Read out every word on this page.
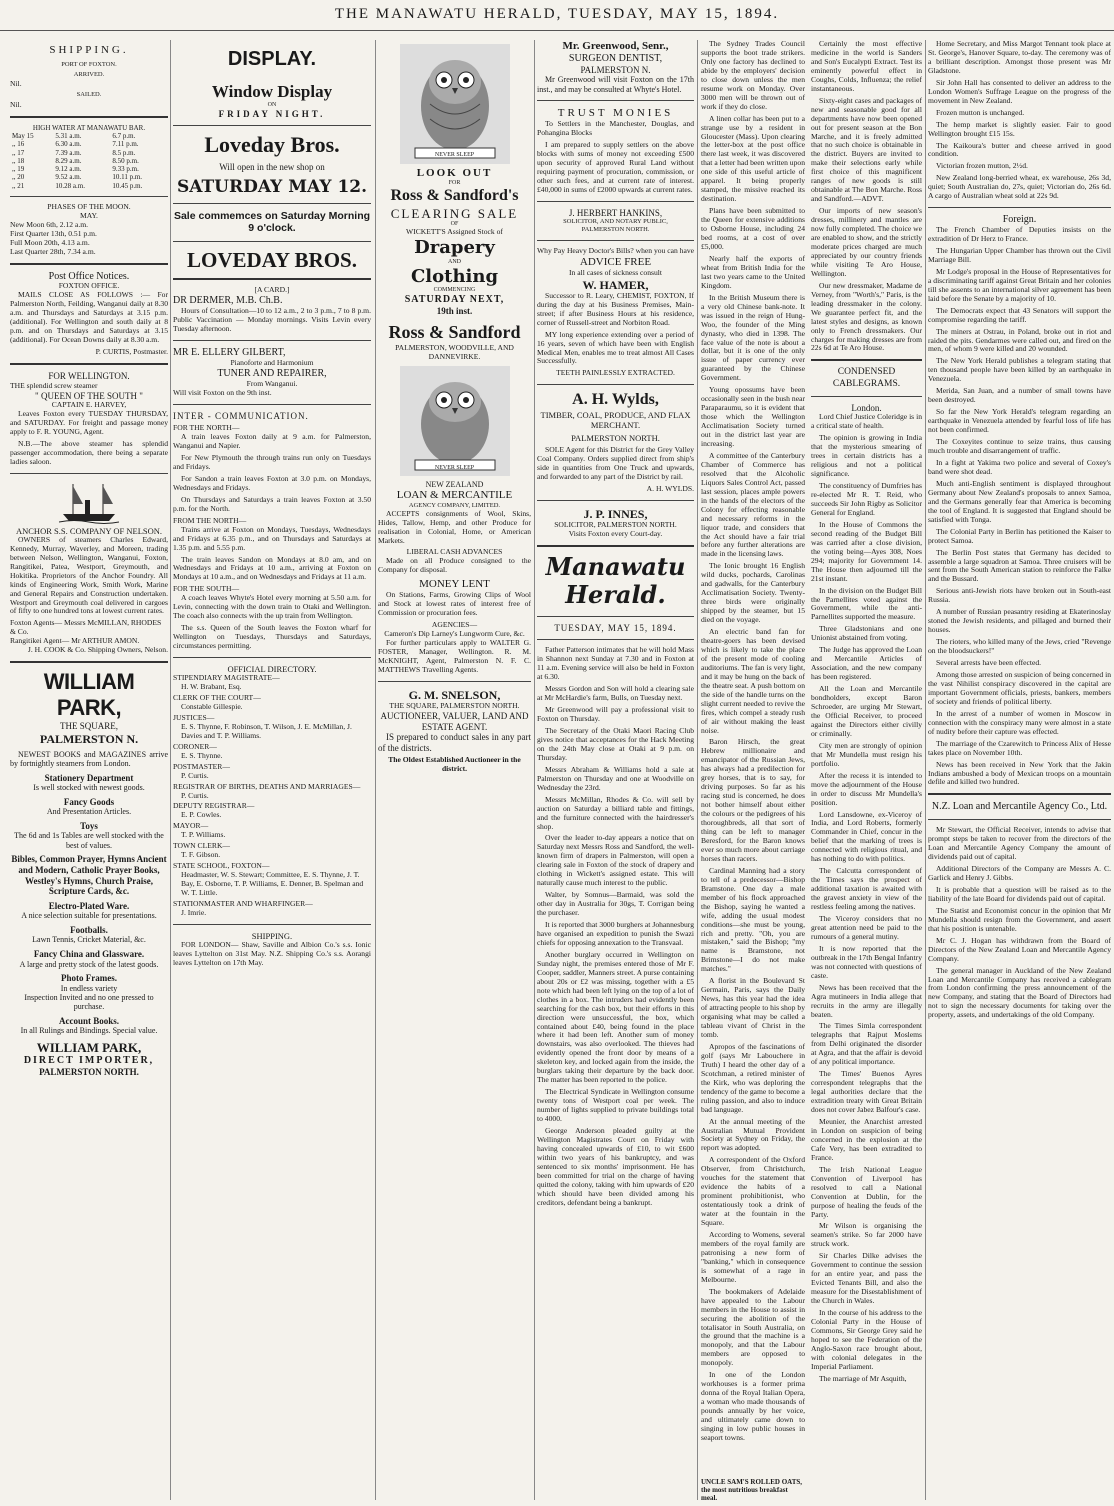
THE MANAWATU HERALD, TUESDAY, MAY 15, 1894.
SHIPPING.
PORT OF FOXTON.
ARRIVED.
Nil.
SAILED.
Nil.
HIGH WATER AT MANAWATU BAR.
May 15	5.31 a.m.	6.7 p.m.
,, 16	6.30 a.m.	7.11 p.m.
,, 17	7.39 a.m.	8.5 p.m.
,, 18	8.29 a.m.	8.50 p.m.
,, 19	9.12 a.m.	9.33 p.m.
,, 20	9.52 a.m.	10.11 p.m.
,, 21	10.28 a.m.	10.45 p.m.
PHASES OF THE MOON.
MAY.
New Moon 6th, 2.12 a.m.
First Quarter 13th, 0.51 p.m.
Full Moon 20th, 4.13 a.m.
Last Quarter 28th, 7.34 a.m.
Post Office Notices.
FOXTON OFFICE.
MAILS CLOSE AS FOLLOWS :— For Palmerston North, Feilding, Wanganui daily at 8.30 a.m. and Thursdays and Saturdays at 3.15 p.m. (additional). For Wellington and south daily at 8 p.m. and on Thursdays and Saturdays at 3.15 (additional). For Ocean Downs daily at 8.30 a.m.
P. CURTIS, Postmaster.
FOR WELLINGTON.
THE splendid screw steamer
" QUEEN OF THE SOUTH "
CAPTAIN E. HARVEY,
Leaves Foxton every TUESDAY THURSDAY, and SATURDAY. For freight and passage money apply to F. R. YOUNG, Agent.
N.B.—The above steamer has splendid passenger accommodation, there being a separate ladies saloon.
ANCHOR S.S. COMPANY OF NELSON.
OWNERS of steamers Charles Edward, Kennedy, Murray, Waverley, and Moreen, trading between Nelson, Wellington, Wanganui, Foxton, Rangitikei, Patea, Westport, Greymouth, and Hokitika. Proprietors of the Anchor Foundry. All kinds of Engineering Work, Smith Work, Marine and General Repairs and Construction undertaken. Westport and Greymouth coal delivered in cargoes of fifty to one hundred tons at lowest current rates.
Foxton Agents— Messrs McMILLAN, RHODES & Co.
Rangitikei Agent— Mr ARTHUR AMON.
J. H. COOK & Co. Shipping Owners, Nelson.
WILLIAM PARK,
THE SQUARE,
PALMERSTON N.
NEWEST BOOKS and MAGAZINES arrive by fortnightly steamers from London.
Stationery Department
Is well stocked with newest goods.
Fancy Goods
And Presentation Articles.
Toys
The 6d and 1s Tables are well stocked with the best of values.
Bibles, Common Prayer, Hymns Ancient and Modern, Catholic Prayer Books, Westley's Hymns, Church Praise, Scripture Cards, &c.
Electro-Plated Ware.
A nice selection suitable for presentations.
Footballs.
Lawn Tennis, Cricket Material, &c.
Fancy China and Glassware.
A large and pretty stock of the latest goods.
Photo Frames.
In endless variety
Inspection Invited and no one pressed to purchase.
Account Books.
In all Rulings and Bindings. Special value.
WILLIAM PARK,
DIRECT IMPORTER,
PALMERSTON NORTH.
DISPLAY.
Window Display
ON
FRIDAY NIGHT.
Loveday Bros.
Will open in the new shop on
SATURDAY MAY 12.
Sale commemces on Saturday Morning 9 o'clock.
LOVEDAY BROS.
[A CARD.]
DR DERMER, M.B. Ch.B.
Hours of Consultation—10 to 12 a.m., 2 to 3 p.m., 7 to 8 p.m. Public Vaccination — Monday mornings. Visits Levin every Tuesday afternoon.
MR E. ELLERY GILBERT,
Pianoforte and Harmonium
TUNER AND REPAIRER,
From Wanganui.
Will visit Foxton on the 9th inst.
INTER - COMMUNICATION.
FOR THE NORTH—
A train leaves Foxton daily at 9 a.m. for Palmerston, Wanganui and Napier.
For New Plymouth the through trains run only on Tuesdays and Fridays.
For Sandon a train leaves Foxton at 3.0 p.m. on Mondays, Wednesdays and Fridays.
On Thursdays and Saturdays a train leaves Foxton at 3.50 p.m. for the North.
FROM THE NORTH—
Trains arrive at Foxton on Mondays, Tuesdays, Wednesdays and Fridays at 6.35 p.m., and on Thursdays and Saturdays at 1.35 p.m. and 5.55 p.m.
The train leaves Sandon on Mondays at 8.0 am, and on Wednesdays and Fridays at 10 a.m., arriving at Foxton on Mondays at 10 a.m., and on Wednesdays and Fridays at 11 a.m.
FOR THE SOUTH—
A coach leaves Whyte's Hotel every morning at 5.50 a.m. for Levin, connecting with the down train to Otaki and Wellington. The coach also connects with the up train from Wellington.
The s.s. Queen of the South leaves the Foxton wharf for Wellington on Tuesdays, Thursdays and Saturdays, circumstances permitting.
OFFICIAL DIRECTORY.
STIPENDIARY MAGISTRATE—
H. W. Brabant, Esq.
CLERK OF THE COURT—
Constable Gillespie.
JUSTICES—
E. S. Thynne, F. Robinson, T. Wilson, J. E. McMillan, J. Davies and T. P. Williams.
CORONER—
E. S. Thynne.
POSTMASTER—
P. Curtis.
REGISTRAR OF BIRTHS, DEATHS AND MARRIAGES—
P. Curtis.
DEPUTY REGISTRAR—
E. P. Cowles.
MAYOR—
T. P. Williams.
TOWN CLERK—
T. F. Gibson.
STATE SCHOOL, FOXTON—
Headmaster, W. S. Stewart; Committee, E. S. Thynne, J. T. Bay, E. Osborne, T. P. Williams, E. Denner, B. Spelman and W. T. Little.
STATIONMASTER AND WHARFINGER—
J. Imrie.
SHIPPING.
FOR LONDON— Shaw, Saville and Albion Co.'s s.s. Ionic leaves Lyttelton on 31st May. N.Z. Shipping Co.'s s.s. Aorangi leaves Lyttelton on 17th May.
NEVER SLEEP
LOOK OUT
FOR
Ross & Sandford's
CLEARING SALE
OF
WICKETT'S Assigned Stock of
Drapery
AND
Clothing
COMMENCING
SATURDAY NEXT,
19th inst.
Ross & Sandford
PALMERSTON, WOODVILLE, AND DANNEVIRKE.
NEVER SLEEP
NEW ZEALAND
LOAN & MERCANTILE
AGENCY COMPANY, LIMITED.
ACCEPTS consignments of Wool, Skins, Hides, Tallow, Hemp, and other Produce for realisation in Colonial, Home, or American Markets.
LIBERAL CASH ADVANCES
Made on all Produce consigned to the Company for disposal.
MONEY LENT
On Stations, Farms, Growing Clips of Wool and Stock at lowest rates of interest free of Commission or procuration fees.
AGENCIES—
Cameron's Dip Larney's Lungworm Cure, &c.
For further particulars apply to WALTER G. FOSTER, Manager, Wellington. R. M. McKNIGHT, Agent, Palmerston N. F. C. MATTHEWS Travelling Agents.
G. M. SNELSON,
THE SQUARE, PALMERSTON NORTH.
AUCTIONEER, VALUER, LAND AND ESTATE AGENT.
IS prepared to conduct sales in any part of the districts.
The Oldest Established Auctioneer in the district.
Mr. Greenwood, Senr.,
SURGEON DENTIST,
PALMERSTON N.
Mr Greenwood will visit Foxton on the 17th inst., and may be consulted at Whyte's Hotel.
TRUST MONIES
To Settlers in the Manchester, Douglas, and Pohangina Blocks
I am prepared to supply settlers on the above blocks with sums of money not exceeding £500 upon security of approved Rural Land without requiring payment of procuration, commission, or other such fees, and at current rate of interest. £40,000 in sums of £2000 upwards at current rates.
J. HERBERT HANKINS,
SOLICITOR, AND NOTARY PUBLIC,
PALMERSTON NORTH.
Why Pay Heavy Doctor's Bills? when you can have
ADVICE FREE
In all cases of sickness consult
W. HAMER,
Successor to R. Leary, CHEMIST, FOXTON, If during the day at his Business Premises, Main-street; if after Business Hours at his residence, corner of Russell-street and Norbiton Road.
MY long experience extending over a period of 16 years, seven of which have been with English Medical Men, enables me to treat almost All Cases Successfully.
TEETH PAINLESSLY EXTRACTED.
A. H. Wylds,
TIMBER, COAL, PRODUCE, AND FLAX MERCHANT.
PALMERSTON NORTH.
SOLE Agent for this District for the Grey Valley Coal Company. Orders supplied direct from ship's side in quantities from One Truck and upwards, and forwarded to any part of the District by rail.
A. H. WYLDS.
J. P. INNES,
SOLICITOR, PALMERSTON NORTH.
Visits Foxton every Court-day.
Manawatu Herald.
TUESDAY, MAY 15, 1894.
Father Patterson intimates that he will hold Mass in Shannon next Sunday at 7.30 and in Foxton at 11 a.m. Evening service will also be held in Foxton at 6.30.
Messrs Gordon and Son will hold a clearing sale at Mr McHardie's farm, Bulls, on Tuesday next.
Mr Greenwood will pay a professional visit to Foxton on Thursday.
The Secretary of the Otaki Maori Racing Club gives notice that acceptances for the Hack Meeting on the 24th May close at Otaki at 9 p.m. on Thursday.
Messrs Abraham & Williams hold a sale at Palmerston on Thursday and one at Woodville on Wednesday the 23rd.
Messrs McMillan, Rhodes & Co. will sell by auction on Saturday a billiard table and fittings, and the furniture connected with the hairdresser's shop.
Over the leader to-day appears a notice that on Saturday next Messrs Ross and Sandford, the well-known firm of drapers in Palmerston, will open a clearing sale in Foxton of the stock of drapery and clothing in Wickett's assigned estate. This will naturally cause much interest to the public.
Walter, by Somnus—Barmaid, was sold the other day in Australia for 30gs, T. Corrigan being the purchaser.
It is reported that 3000 burghers at Johannesburg have organised an expedition to punish the Swazi chiefs for opposing annexation to the Transvaal.
Another burglary occurred in Wellington on Sunday night, the premises entered those of Mr F. Cooper, saddler, Manners street. A purse containing about 20s or £2 was missing, together with a £5 note which had been left lying on the top of a lot of clothes in a box. The intruders had evidently been searching for the cash box, but their efforts in this direction were unsuccessful, the box, which contained about £40, being found in the place where it had been left. Another sum of money downstairs, was also overlooked. The thieves had evidently opened the front door by means of a skeleton key, and locked again from the inside, the burglars taking their departure by the back door. The matter has been reported to the police.
The Electrical Syndicate in Wellington consume twenty tons of Westport coal per week. The number of lights supplied to private buildings total to 4000.
George Anderson pleaded guilty at the Wellington Magistrates Court on Friday with having concealed upwards of £10, to wit £600 within two years of his bankruptcy, and was sentenced to six months' imprisonment. He has been committed for trial on the charge of having quitted the colony, taking with him upwards of £20 which should have been divided among his creditors, defendant being a bankrupt.
The Sydney Trades Council supports the boot trade strikers. Only one factory has declined to abide by the employers' decision to close down unless the men resume work on Monday. Over 3000 men will be thrown out of work if they do close.
A linen collar has been put to a strange use by a resident in Gloucester (Mass). Upon clearing the letter-box at the post office there last week, it was discovered that a letter had been written upon one side of this useful article of apparel. It being properly stamped, the missive reached its destination.
Plans have been submitted to the Queen for extensive additions to Osborne House, including 24 bed rooms, at a cost of over £5,000.
Nearly half the exports of wheat from British India for the last two years came to the United Kingdom.
In the British Museum there is a very old Chinese bank-note. It was issued in the reign of Hung-Woo, the founder of the Ming dynasty, who died in 1398. The face value of the note is about a dollar, but it is one of the only issue of paper currency ever guaranteed by the Chinese Government.
Young opossums have been occasionally seen in the bush near Paraparaumu, so it is evident that those which the Wellington Acclimatisation Society turned out in the district last year are increasing.
A committee of the Canterbury Chamber of Commerce has resolved that the Alcoholic Liquors Sales Control Act, passed last session, places ample powers in the hands of the electors of the Colony for effecting reasonable and necessary reforms in the liquor trade, and considers that the Act should have a fair trial before any further alterations are made in the licensing laws.
The Ionic brought 16 English wild ducks, pochards, Carolinas and gadwalls, for the Canterbury Acclimatisation Society. Twenty-three birds were originally shipped by the steamer, but 15 died on the voyage.
An electric band fan for theatre-goers has been devised which is likely to take the place of the present mode of cooling auditoriums. The fan is very light, and it may be hung on the back of the theatre seat. A push bottom on the side of the handle turns on the slight current needed to revive the fires, which compel a steady rush of air without making the least noise.
Baron Hirsch, the great Hebrew millionaire and emancipator of the Russian Jews, has always had a predilection for grey horses, that is to say, for driving purposes. So far as his racing stud is concerned, he does not bother himself about either the colours or the pedigrees of his thoroughbreds, all that sort of thing can be left to manager Beresford, for the Baron knows ever so much more about carriage horses than racers.
Cardinal Manning had a story to tell of a predecessor—Bishop Bramstone. One day a male member of his flock approached the Bishop, saying he wanted a wife, adding the usual modest conditions—she must be young, rich and pretty. "Oh, you are mistaken," said the Bishop; "my name is Bramstone, not Brimstone—I do not make matches."
A florist in the Boulevard St Germain, Paris, says the Daily News, has this year had the idea of attracting people to his shop by organising what may be called a tableau vivant of Christ in the tomb.
Apropos of the fascinations of golf (says Mr Labouchere in Truth) I heard the other day of a Scotchman, a retired minister of the Kirk, who was deploring the tendency of the game to become a ruling passion, and also to induce bad language.
At the annual meeting of the Australian Mutual Provident Society at Sydney on Friday, the report was adopted.
A correspondent of the Oxford Observer, from Christchurch, vouches for the statement that evidence the habits of a prominent prohibitionist, who ostentatiously took a drink of water at the fountain in the Square.
According to Womens, several members of the royal family are patronising a new form of "banking," which in consequence is somewhat of a rage in Melbourne.
The bookmakers of Adelaide have appealed to the Labour members in the House to assist in securing the abolition of the totalisator in South Australia, on the ground that the machine is a monopoly, and that the Labour members are opposed to monopoly.
In one of the London workhouses is a former prima donna of the Royal Italian Opera, a woman who made thousands of pounds annually by her voice, and ultimately came down to singing in low public houses in seaport towns.
Certainly the most effective medicine in the world is Sanders and Son's Eucalypti Extract. Test its eminently powerful effect in Coughs, Colds, Influenza; the relief instantaneous.
Sixty-eight cases and packages of new and seasonable good for all departments have now been opened out for present season at the Bon Marche, and it is freely admitted that no such choice is obtainable in the district. Buyers are invited to make their selections early while first choice of this magnificent ranges of new goods is still obtainable at The Bon Marche. Ross and Sandford.—ADVT.
Our imports of new season's dresses, millinery and mantles are now fully completed. The choice we are enabled to show, and the strictly moderate prices charged are much appreciated by our country friends while visiting Te Aro House, Wellington.
Our new dressmaker, Madame de Verney, from "Worth's," Paris, is the leading dressmaker in the colony. We guarantee perfect fit, and the latest styles and designs, as known only to French dressmakers. Our charges for making dresses are from 22s 6d at Te Aro House.
CONDENSED CABLEGRAMS.
London.
Lord Chief Justice Coleridge is in a critical state of health.
The opinion is growing in India that the mysterious smearing of trees in certain districts has a religious and not a political significance.
The constituency of Dumfries has re-elected Mr R. T. Reid, who succeeds Sir John Rigby as Solicitor General for England.
In the House of Commons the second reading of the Budget Bill was carried after a close division, the voting being—Ayes 308, Noes 294; majority for Government 14. The House then adjourned till the 21st instant.
In the division on the Budget Bill the Parnellites voted against the Government, while the anti-Parnellites supported the measure.
Three Gladstonians and one Unionist abstained from voting.
The Judge has approved the Loan and Mercantile Articles of Association, and the new company has been registered.
All the Loan and Mercantile bondholders, except Baron Schroeder, are urging Mr Stewart, the Official Receiver, to proceed against the Directors either civilly or criminally.
City men are strongly of opinion that Mr Mundella must resign his portfolio.
After the recess it is intended to move the adjournment of the House in order to discuss Mr Mundella's position.
Lord Lansdowne, ex-Viceroy of India, and Lord Roberts, formerly Commander in Chief, concur in the belief that the marking of trees is connected with religious ritual, and has nothing to do with politics.
The Calcutta correspondent of the Times says the prospect of additional taxation is awaited with the gravest anxiety in view of the restless feeling among the natives.
The Viceroy considers that no great attention need be paid to the rumours of a general mutiny.
It is now reported that the outbreak in the 17th Bengal Infantry was not connected with questions of caste.
News has been received that the Agra mutineers in India allege that recruits in the army are illegally beaten.
The Times Simla correspondent telegraphs that Rajput Moslems from Delhi originated the disorder at Agra, and that the affair is devoid of any political importance.
The Times' Buenos Ayres correspondent telegraphs that the legal authorities declare that the extradition treaty with Great Britain does not cover Jabez Balfour's case.
Meunier, the Anarchist arrested in London on suspicion of being concerned in the explosion at the Cafe Very, has been extradited to France.
The Irish National League Convention of Liverpool has resolved to call a National Convention at Dublin, for the purpose of healing the feuds of the Party.
Mr Wilson is organising the seamen's strike. So far 2000 have struck work.
Sir Charles Dilke advises the Government to continue the session for an entire year, and pass the Evicted Tenants Bill, and also the measure for the Disestablishment of the Church in Wales.
In the course of his address to the Colonial Party in the House of Commons, Sir George Grey said he hoped to see the Federation of the Anglo-Saxon race brought about, with colonial delegates in the Imperial Parliament.
The marriage of Mr Asquith,
UNCLE SAM'S ROLLED OATS, the most nutritious breakfast meal.
Home Secretary, and Miss Margot Tennant took place at St. George's, Hanover Square, to-day. The ceremony was of a brilliant description. Amongst those present was Mr Gladstone.
Sir John Hall has consented to deliver an address to the London Women's Suffrage League on the progress of the movement in New Zealand.
Frozen mutton is unchanged.
The hemp market is slightly easier. Fair to good Wellington brought £15 15s.
The Kaikoura's butter and cheese arrived in good condition.
Victorian frozen mutton, 2½d.
New Zealand long-berried wheat, ex warehouse, 26s 3d, quiet; South Australian do, 27s, quiet; Victorian do, 26s 6d. A cargo of Australian wheat sold at 22s 9d.
Foreign.
The French Chamber of Deputies insists on the extradition of Dr Herz to France.
The Hungarian Upper Chamber has thrown out the Civil Marriage Bill.
Mr Lodge's proposal in the House of Representatives for a discriminating tariff against Great Britain and her colonies till she assents to an international silver agreement has been laid before the Senate by a majority of 10.
The Democrats expect that 43 Senators will support the compromise regarding the tariff.
The miners at Ostrau, in Poland, broke out in riot and raided the pits. Gendarmes were called out, and fired on the men, of whom 9 were killed and 20 wounded.
The New York Herald publishes a telegram stating that ten thousand people have been killed by an earthquake in Venezuela.
Merida, San Juan, and a number of small towns have been destroyed.
So far the New York Herald's telegram regarding an earthquake in Venezuela attended by fearful loss of life has not been confirmed.
The Coxeyites continue to seize trains, thus causing much trouble and disarrangement of traffic.
In a fight at Yakima two police and several of Coxey's band were shot dead.
Much anti-English sentiment is displayed throughout Germany about New Zealand's proposals to annex Samoa, and the Germans generally fear that America is becoming the tool of England. It is suggested that England should be satisfied with Tonga.
The Colonial Party in Berlin has petitioned the Kaiser to protect Samoa.
The Berlin Post states that Germany has decided to assemble a large squadron at Samoa. Three cruisers will be sent from the South American station to reinforce the Falke and the Bussard.
Serious anti-Jewish riots have broken out in South-east Russia.
A number of Russian peasantry residing at Ekaterinoslay stoned the Jewish residents, and pillaged and burned their houses.
The rioters, who killed many of the Jews, cried "Revenge on the bloodsuckers!"
Several arrests have been effected.
Among those arrested on suspicion of being concerned in the vast Nihilist conspiracy discovered in the capital are important Government officials, priests, bankers, members of society and friends of political liberty.
In the arrest of a number of women in Moscow in connection with the conspiracy many were almost in a state of nudity before their capture was effected.
The marriage of the Czarewitch to Princess Alix of Hesse takes place on November 10th.
News has been received in New York that the Jakin Indians ambushed a body of Mexican troops on a mountain defile and killed two hundred.
N.Z. Loan and Mercantile Agency Co., Ltd.
Mr Stewart, the Official Receiver, intends to advise that prompt steps be taken to recover from the directors of the Loan and Mercantile Agency Company the amount of dividends paid out of capital.
Additional Directors of the Company are Messrs A. C. Garlick and Henry J. Gibbs.
It is probable that a question will be raised as to the liability of the late Board for dividends paid out of capital.
The Statist and Economist concur in the opinion that Mr Mundella should resign from the Government, and assert that his position is untenable.
Mr C. J. Hogan has withdrawn from the Board of Directors of the New Zealand Loan and Mercantile Agency Company.
The general manager in Auckland of the New Zealand Loan and Mercantile Company has received a cablegram from London confirming the press announcement of the new Company, and stating that the Board of Directors had not to sign the necessary documents for taking over the property, assets, and undertakings of the old Company.
